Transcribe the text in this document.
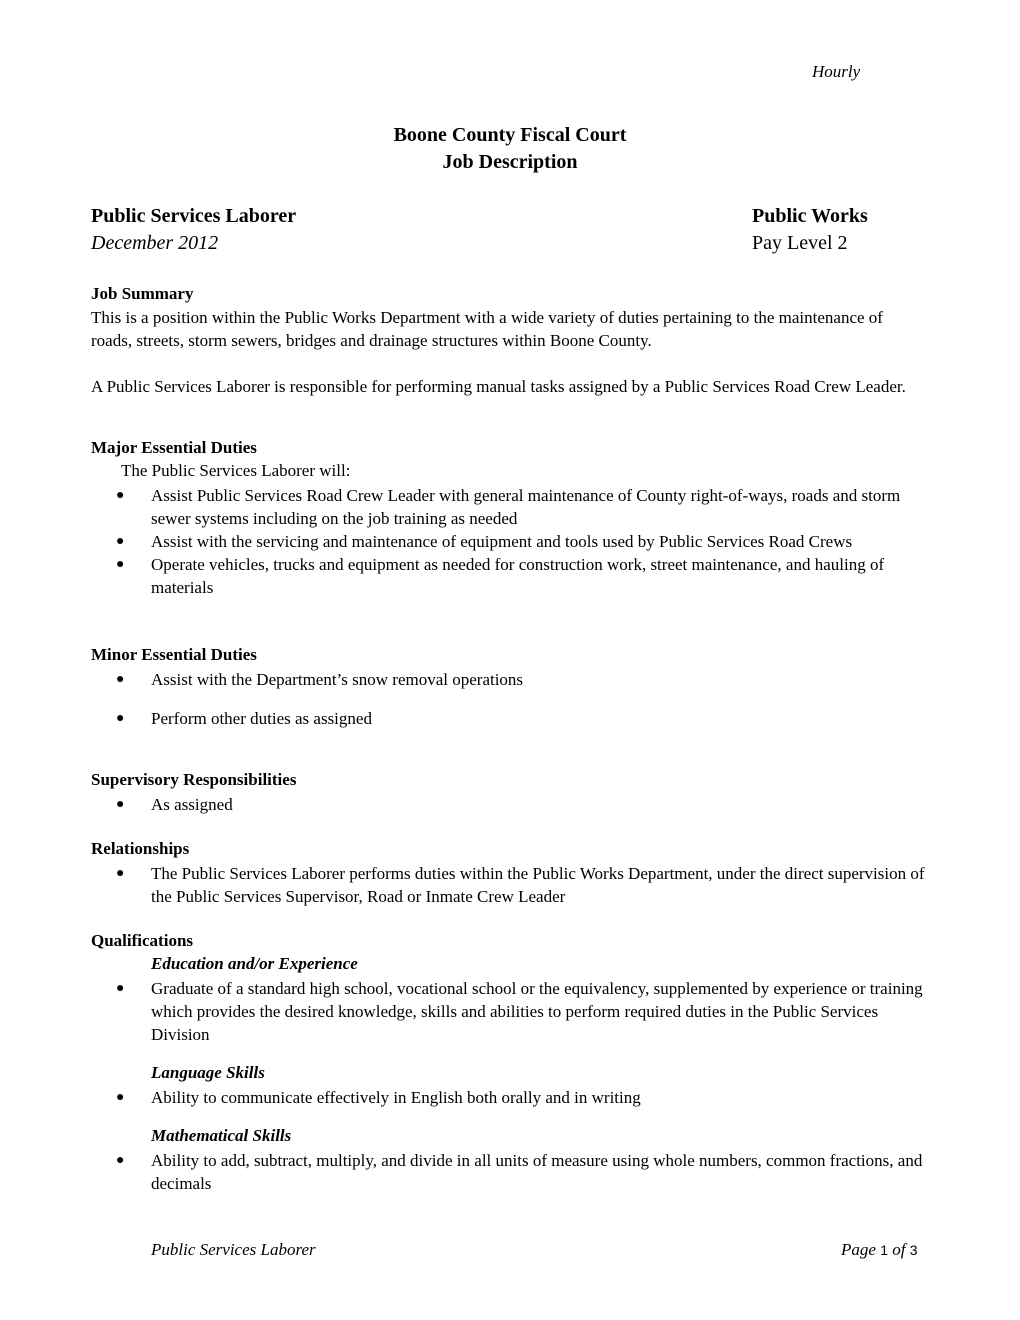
Hourly
Boone County Fiscal Court
Job Description
Public Services Laborer	Public Works
December 2012	Pay Level 2
Job Summary
This is a position within the Public Works Department with a wide variety of duties pertaining to the maintenance of roads, streets, storm sewers, bridges and drainage structures within Boone County.
A Public Services Laborer is responsible for performing manual tasks assigned by a Public Services Road Crew Leader.
Major Essential Duties
The Public Services Laborer will:
● Assist Public Services Road Crew Leader with general maintenance of County right-of-ways, roads and storm sewer systems including on the job training as needed
● Assist with the servicing and maintenance of equipment and tools used by Public Services Road Crews
● Operate vehicles, trucks and equipment as needed for construction work, street maintenance, and hauling of materials
Minor Essential Duties
● Assist with the Department’s snow removal operations
● Perform other duties as assigned
Supervisory Responsibilities
● As assigned
Relationships
● The Public Services Laborer performs duties within the Public Works Department, under the direct supervision of the Public Services Supervisor, Road or Inmate Crew Leader
Qualifications
Education and/or Experience
● Graduate of a standard high school, vocational school or the equivalency, supplemented by experience or training which provides the desired knowledge, skills and abilities to perform required duties in the Public Services Division
Language Skills
● Ability to communicate effectively in English both orally and in writing
Mathematical Skills
● Ability to add, subtract, multiply, and divide in all units of measure using whole numbers, common fractions, and decimals
Public Services Laborer	Page 1 of 3
